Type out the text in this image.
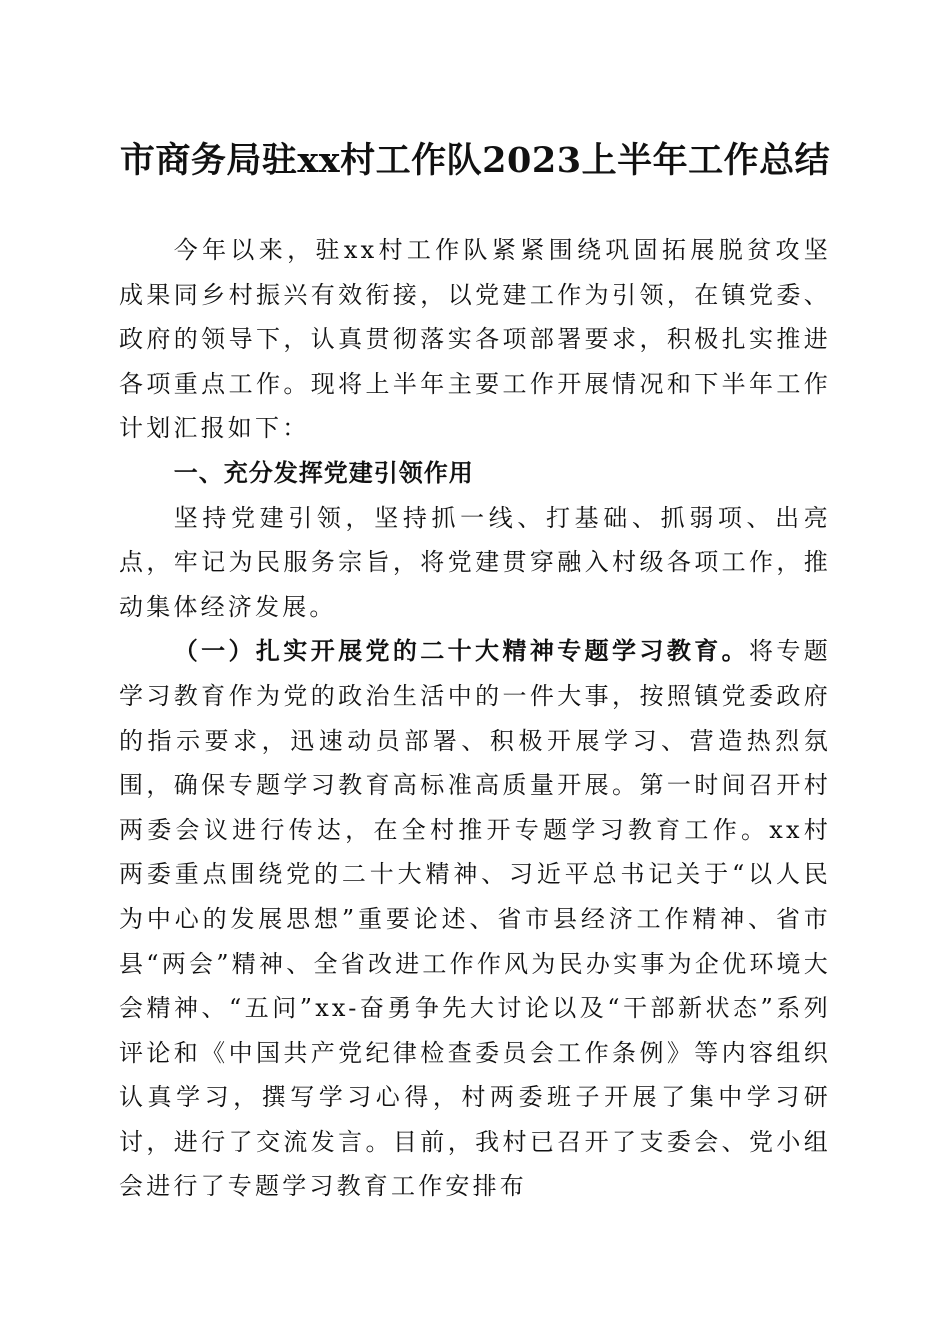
市商务局驻xx村工作队2023上半年工作总结

今年以来，驻xx村工作队紧紧围绕巩固拓展脱贫攻坚成果同乡村振兴有效衔接，以党建工作为引领，在镇党委、政府的领导下，认真贯彻落实各项部署要求，积极扎实推进各项重点工作。现将上半年主要工作开展情况和下半年工作计划汇报如下：

一、充分发挥党建引领作用

坚持党建引领，坚持抓一线、打基础、抓弱项、出亮点，牢记为民服务宗旨，将党建贯穿融入村级各项工作，推动集体经济发展。

（一）扎实开展党的二十大精神专题学习教育。将专题学习教育作为党的政治生活中的一件大事，按照镇党委政府的指示要求，迅速动员部署、积极开展学习、营造热烈氛围，确保专题学习教育高标准高质量开展。第一时间召开村两委会议进行传达，在全村推开专题学习教育工作。xx村两委重点围绕党的二十大精神、习近平总书记关于“以人民为中心的发展思想”重要论述、省市县经济工作精神、省市县“两会”精神、全省改进工作作风为民办实事为企优环境大会精神、“五问”xx-奋勇争先大讨论以及“干部新状态”系列评论和《中国共产党纪律检查委员会工作条例》等内容组织认真学习，撰写学习心得，村两委班子开展了集中学习研讨，进行了交流发言。目前，我村已召开了支委会、党小组会进行了专题学习教育工作安排布
